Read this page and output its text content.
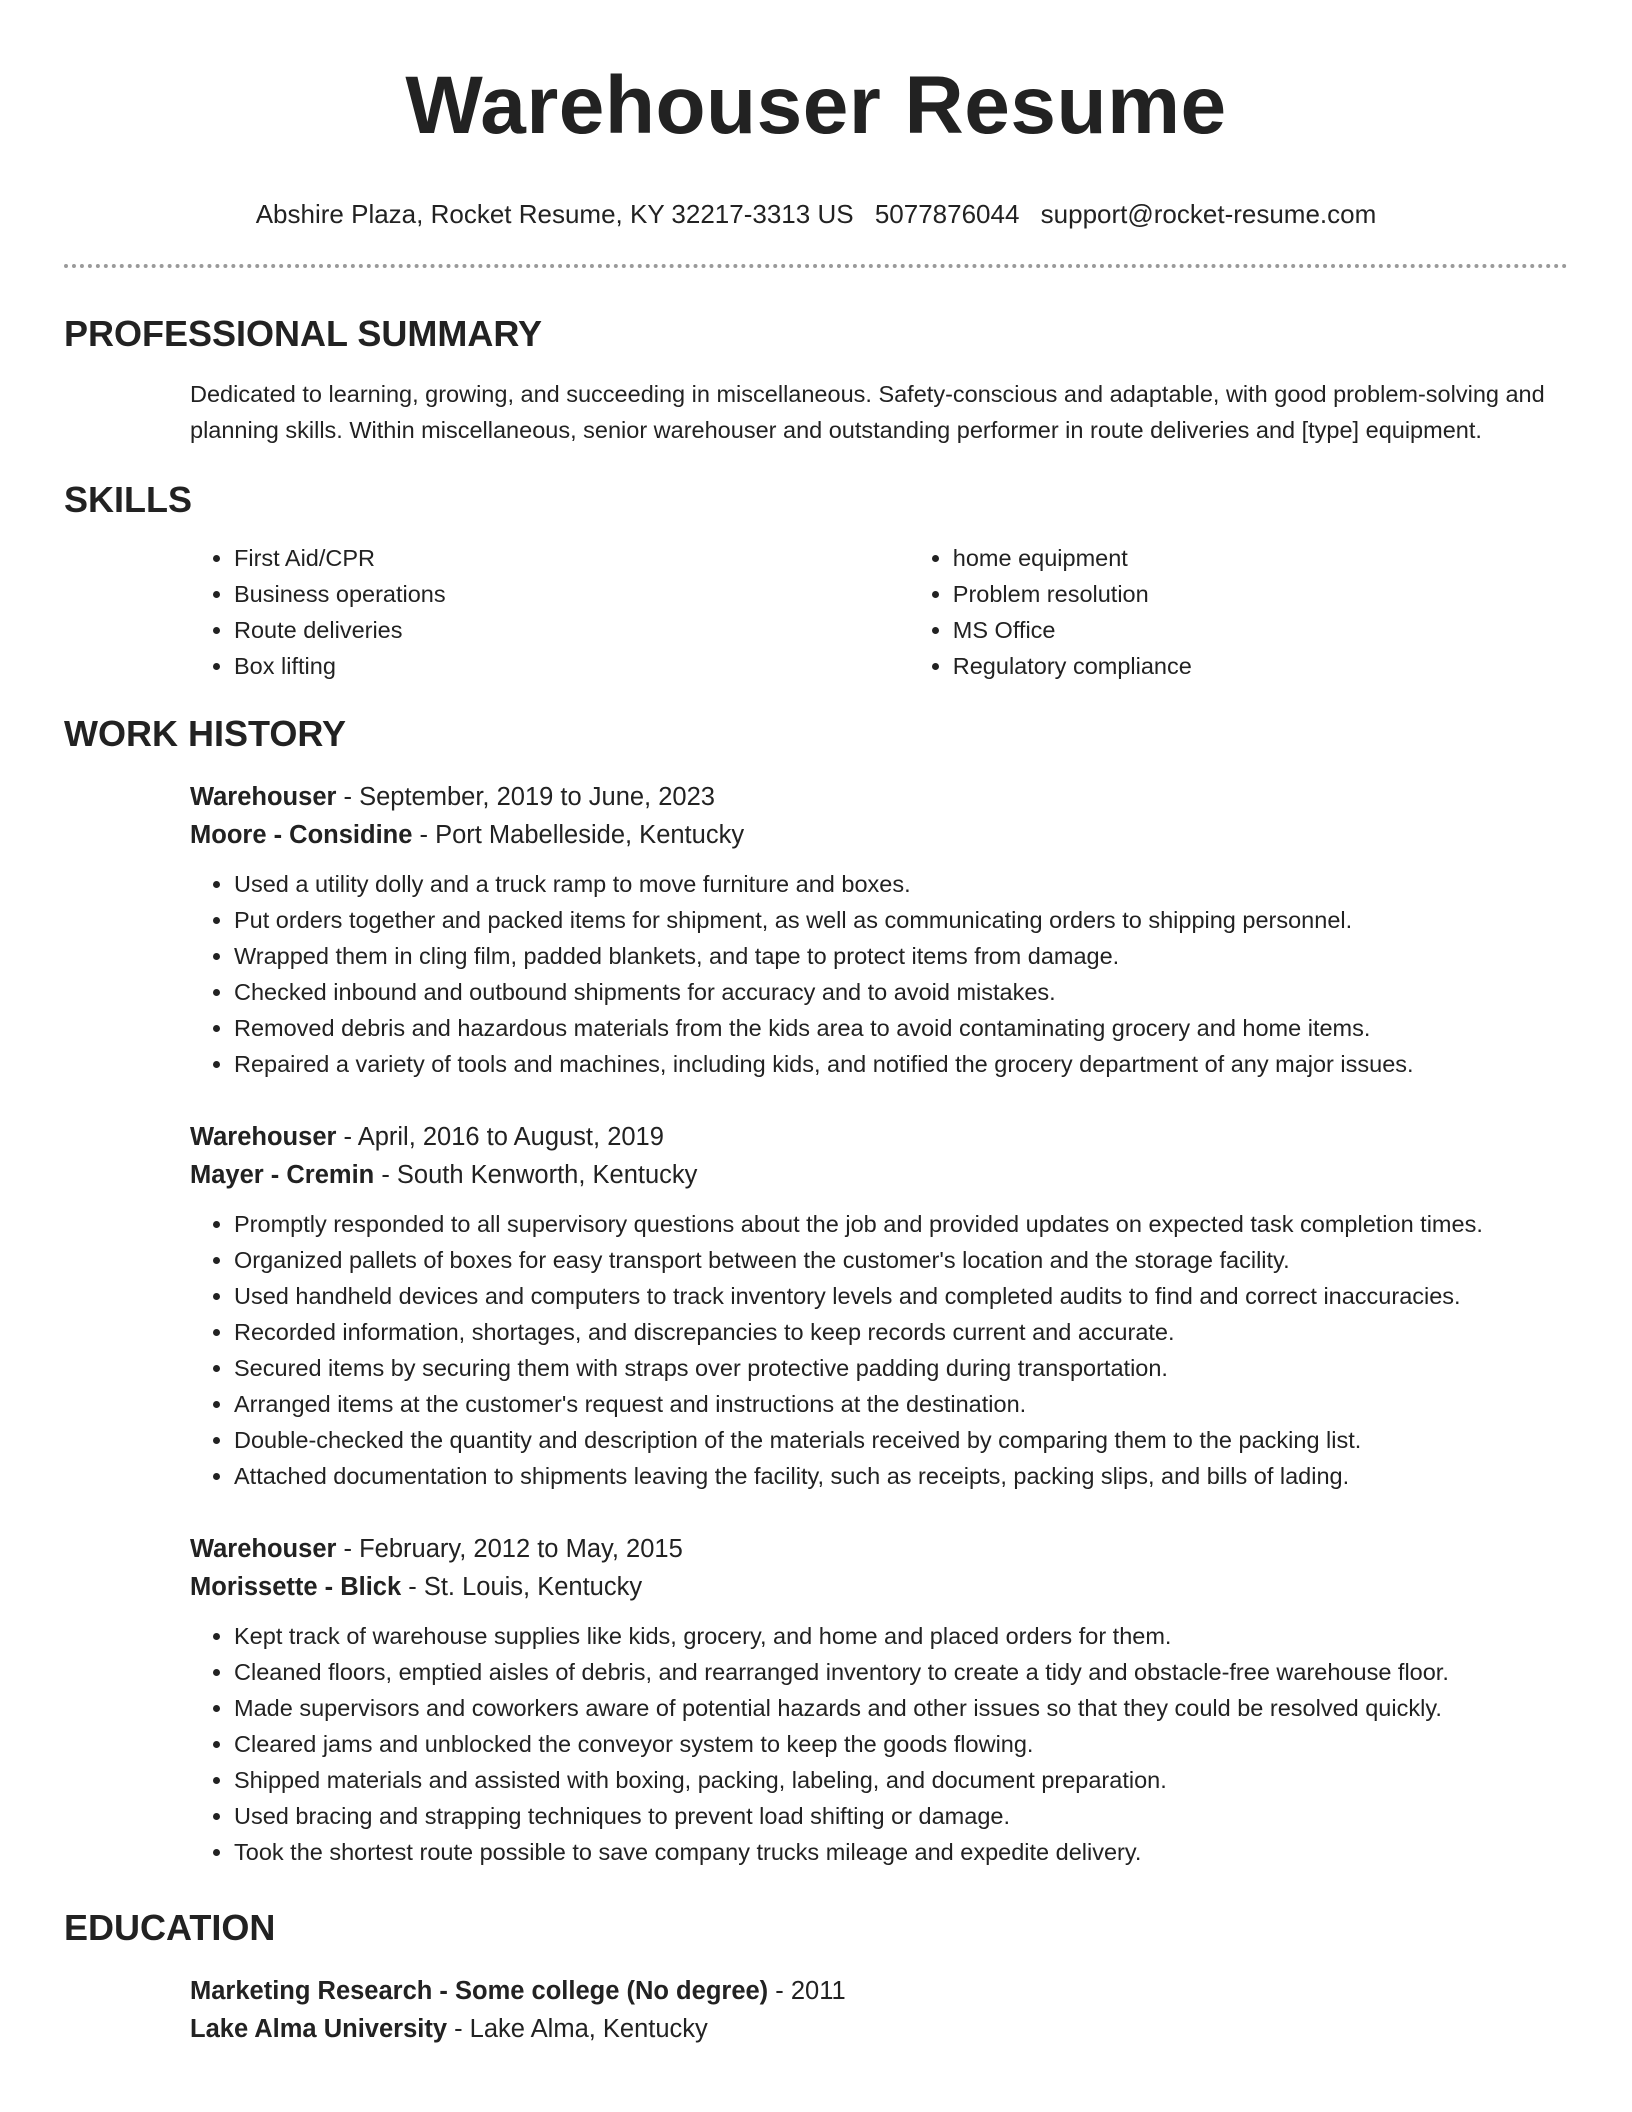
Warehouser Resume
Abshire Plaza, Rocket Resume, KY 32217-3313 US 5077876044 support@rocket-resume.com
PROFESSIONAL SUMMARY

Dedicated to learning, growing, and succeeding in miscellaneous. Safety-conscious and adaptable, with good problem-solving and planning skills. Within miscellaneous, senior warehouser and outstanding performer in route deliveries and [type] equipment.

SKILLS
• First Aid/CPR
• Business operations
• Route deliveries
• Box lifting
• home equipment
• Problem resolution
• MS Office
• Regulatory compliance
WORK HISTORY
Warehouser - September, 2019 to June, 2023
Moore - Considine - Port Mabelleside, Kentucky
• Used a utility dolly and a truck ramp to move furniture and boxes.
• Put orders together and packed items for shipment, as well as communicating orders to shipping personnel.
• Wrapped them in cling film, padded blankets, and tape to protect items from damage.
• Checked inbound and outbound shipments for accuracy and to avoid mistakes.
• Removed debris and hazardous materials from the kids area to avoid contaminating grocery and home items.
• Repaired a variety of tools and machines, including kids, and notified the grocery department of any major issues.
Warehouser - April, 2016 to August, 2019
Mayer - Cremin - South Kenworth, Kentucky
• Promptly responded to all supervisory questions about the job and provided updates on expected task completion times.
• Organized pallets of boxes for easy transport between the customer's location and the storage facility.
• Used handheld devices and computers to track inventory levels and completed audits to find and correct inaccuracies.
• Recorded information, shortages, and discrepancies to keep records current and accurate.
• Secured items by securing them with straps over protective padding during transportation.
• Arranged items at the customer's request and instructions at the destination.
• Double-checked the quantity and description of the materials received by comparing them to the packing list.
• Attached documentation to shipments leaving the facility, such as receipts, packing slips, and bills of lading.
Warehouser - February, 2012 to May, 2015
Morissette - Blick - St. Louis, Kentucky
• Kept track of warehouse supplies like kids, grocery, and home and placed orders for them.
• Cleaned floors, emptied aisles of debris, and rearranged inventory to create a tidy and obstacle-free warehouse floor.
• Made supervisors and coworkers aware of potential hazards and other issues so that they could be resolved quickly.
• Cleared jams and unblocked the conveyor system to keep the goods flowing.
• Shipped materials and assisted with boxing, packing, labeling, and document preparation.
• Used bracing and strapping techniques to prevent load shifting or damage.
• Took the shortest route possible to save company trucks mileage and expedite delivery.
EDUCATION
Marketing Research - Some college (No degree) - 2011
Lake Alma University - Lake Alma, Kentucky
